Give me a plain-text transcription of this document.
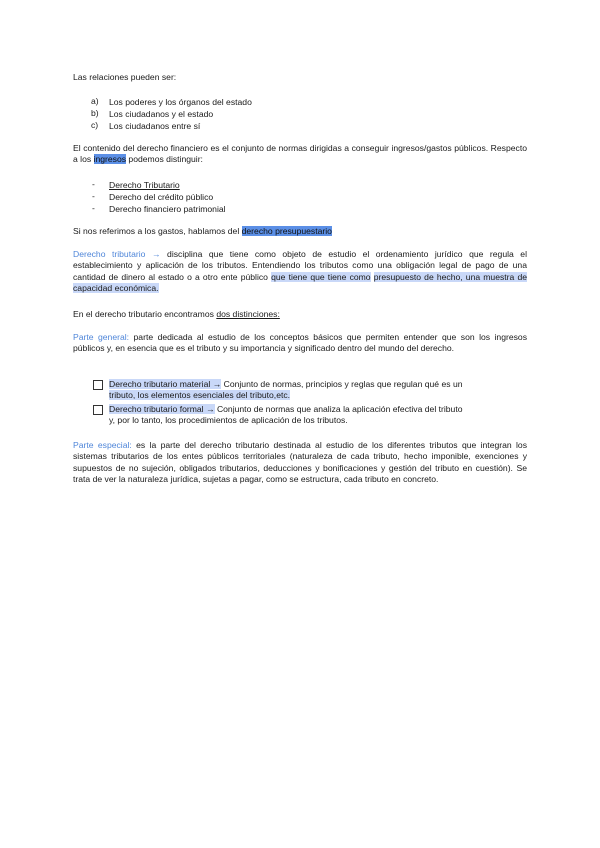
Las relaciones pueden ser:

a)	Los poderes y los órganos del estado
b)	Los ciudadanos y el estado
c)	Los ciudadanos entre sí

El contenido del derecho financiero es el conjunto de normas dirigidas a conseguir ingresos/gastos públicos. Respecto a los ingresos podemos distinguir:

-	Derecho Tributario
-	Derecho del crédito público
-	Derecho financiero patrimonial

Si nos referimos a los gastos, hablamos del derecho presupuestario

Derecho tributario → disciplina que tiene como objeto de estudio el ordenamiento jurídico que regula el establecimiento y aplicación de los tributos. Entendiendo los tributos como una obligación legal de pago de una cantidad de dinero al estado o a otro ente público que tiene que tiene como presupuesto de hecho, una muestra de capacidad económica.

En el derecho tributario encontramos dos distinciones:

Parte general: parte dedicada al estudio de los conceptos básicos que permiten entender que son los ingresos públicos y, en esencia que es el tributo y su importancia y significado dentro del mundo del derecho.

Derecho tributario material → Conjunto de normas, principios y reglas que regulan qué es un
tributo, los elementos esenciales del tributo,etc.
Derecho tributario formal → Conjunto de normas que analiza la aplicación efectiva del tributo
y, por lo tanto, los procedimientos de aplicación de los tributos.

Parte especial: es la parte del derecho tributario destinada al estudio de los diferentes tributos que integran los sistemas tributarios de los entes públicos territoriales (naturaleza de cada tributo, hecho imponible, exenciones y supuestos de no sujeción, obligados tributarios, deducciones y bonificaciones y gestión del tributo en cuestión). Se trata de ver la naturaleza jurídica, sujetas a pagar, como se estructura, cada tributo en concreto.
